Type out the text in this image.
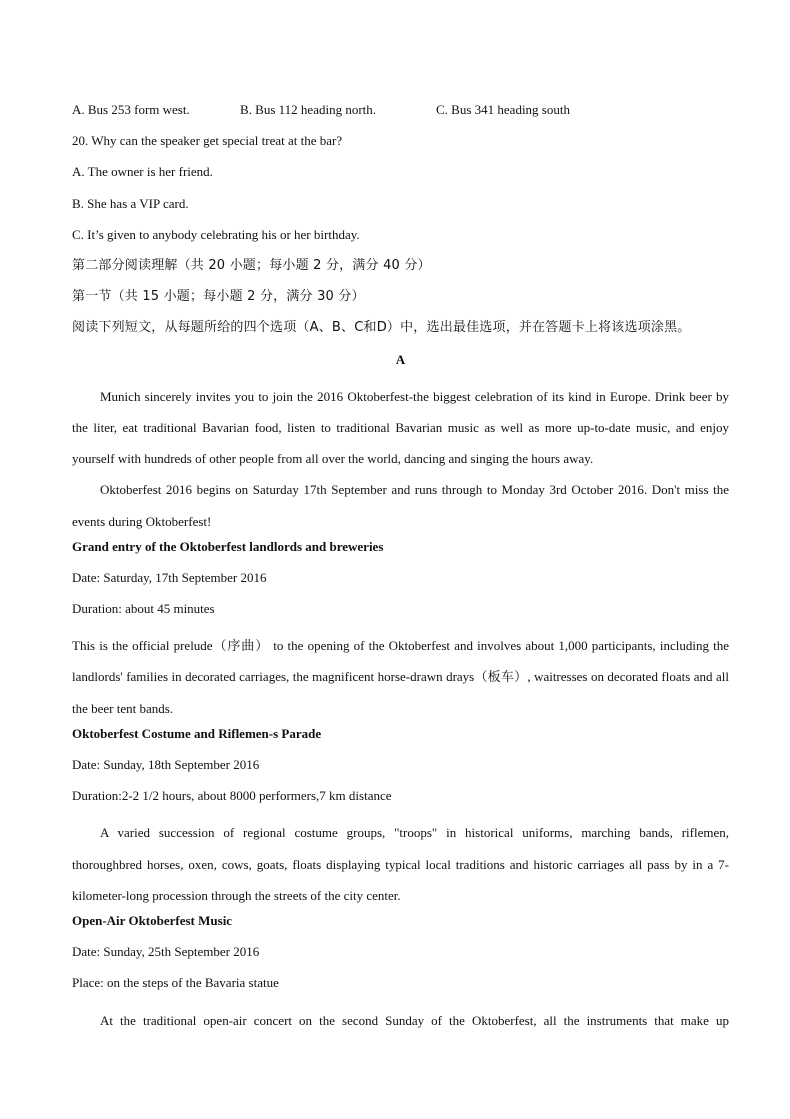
A. Bus 253 form west.	B. Bus 112 heading north.	C. Bus 341 heading south
20. Why can the speaker get special treat at the bar?
A. The owner is her friend.
B. She has a VIP card.
C. It’s given to anybody celebrating his or her birthday.
第二部分阅读理解（共 20 小题；每小题 2 分，满分 40 分）
第一节（共 15 小题；每小题 2 分，满分 30 分）
阅读下列短文，从每题所给的四个选项（A、B、C和D）中，选出最佳选项，并在答题卡上将该选项涂黑。
A

Munich sincerely invites you to join the 2016 Oktoberfest-the biggest celebration of its kind in Europe. Drink beer by the liter, eat traditional Bavarian food, listen to traditional Bavarian music as well as more up-to-date music, and enjoy yourself with hundreds of other people from all over the world, dancing and singing the hours away.

Oktoberfest 2016 begins on Saturday 17th September and runs through to Monday 3rd October 2016. Don't miss the events during Oktoberfest!

Grand entry of the Oktoberfest landlords and breweries
Date: Saturday, 17th September 2016
Duration: about 45 minutes

This is the official prelude（序曲） to the opening of the Oktoberfest and involves about 1,000 participants, including the landlords' families in decorated carriages, the magnificent horse-drawn drays（板车）, waitresses on decorated floats and all the beer tent bands.

Oktoberfest Costume and Riflemen-s Parade
Date: Sunday, 18th September 2016
Duration:2-2 1/2 hours, about 8000 performers,7 km distance

A varied succession of regional costume groups, "troops" in historical uniforms, marching bands, riflemen, thoroughbred horses, oxen, cows, goats, floats displaying typical local traditions and historic carriages all pass by in a 7-kilometer-long procession through the streets of the city center.

Open-Air Oktoberfest Music
Date: Sunday, 25th September 2016
Place: on the steps of the Bavaria statue

At the traditional open-air concert on the second Sunday of the Oktoberfest, all the instruments that make up
